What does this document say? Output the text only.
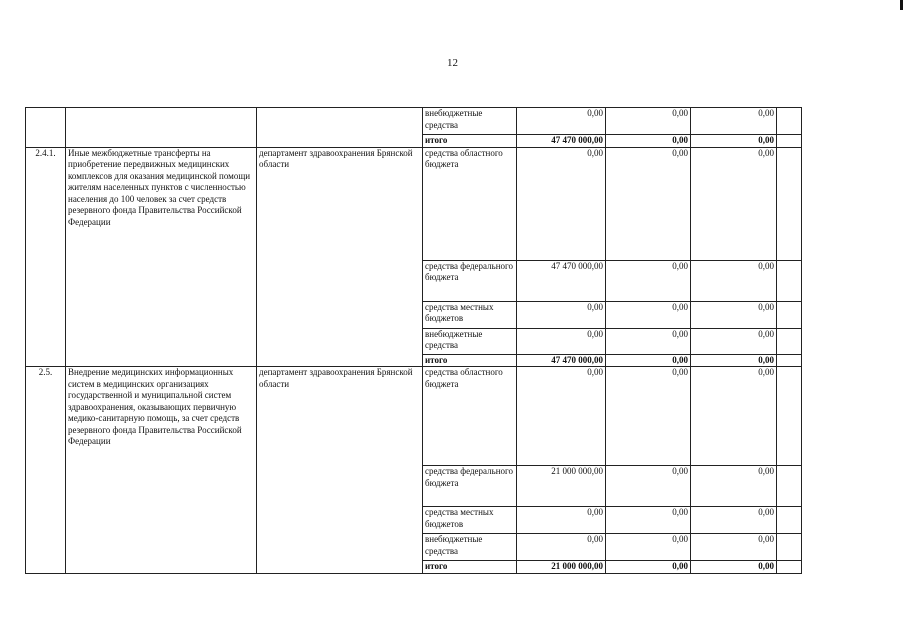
12
			внебюджетные средства	0,00	0,00	0,00	
			итого	47 470 000,00	0,00	0,00	
2.4.1.	Иные межбюджетные трансферты на приобретение передвижных медицинских комплексов для оказания медицинской помощи жителям населенных пунктов с численностью населения до 100 человек за счет средств резервного фонда Правительства Российской Федерации	департамент здравоохранения Брянской области	средства областного бюджета	0,00	0,00	0,00	
			средства федерального бюджета	47 470 000,00	0,00	0,00	
			средства местных бюджетов	0,00	0,00	0,00	
			внебюджетные средства	0,00	0,00	0,00	
			итого	47 470 000,00	0,00	0,00	
2.5.	Внедрение медицинских информационных систем в медицинских организациях государственной и муниципальной систем здравоохранения, оказывающих первичную медико-санитарную помощь, за счет средств резервного фонда Правительства Российской Федерации	департамент здравоохранения Брянской области	средства областного бюджета	0,00	0,00	0,00	
			средства федерального бюджета	21 000 000,00	0,00	0,00	
			средства местных бюджетов	0,00	0,00	0,00	
			внебюджетные средства	0,00	0,00	0,00	
			итого	21 000 000,00	0,00	0,00	
